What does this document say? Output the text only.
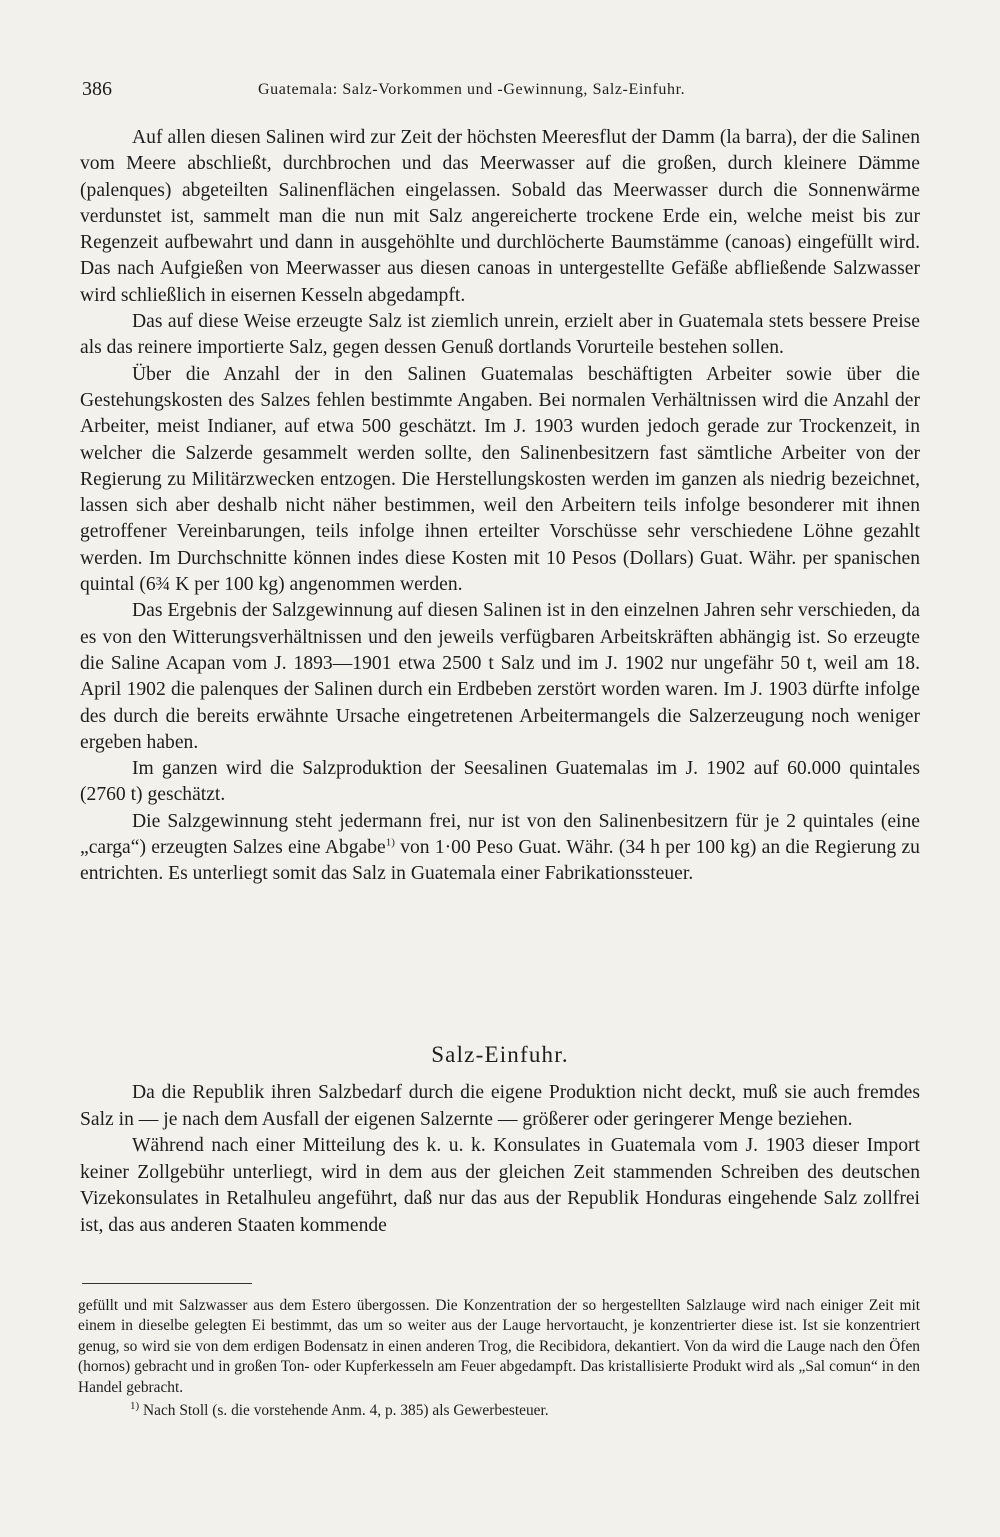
386	Guatemala: Salz-Vorkommen und -Gewinnung, Salz-Einfuhr.

Auf allen diesen Salinen wird zur Zeit der höchsten Meeresflut der Damm (la barra), der die Salinen vom Meere abschließt, durchbrochen und das Meerwasser auf die großen, durch kleinere Dämme (palenques) abgeteilten Salinenflächen eingelassen. Sobald das Meerwasser durch die Sonnenwärme verdunstet ist, sammelt man die nun mit Salz angereicherte trockene Erde ein, welche meist bis zur Regenzeit aufbewahrt und dann in ausgehöhlte und durchlöcherte Baumstämme (canoas) eingefüllt wird. Das nach Aufgießen von Meerwasser aus diesen canoas in untergestellte Gefäße abfließende Salzwasser wird schließlich in eisernen Kesseln abgedampft.

Das auf diese Weise erzeugte Salz ist ziemlich unrein, erzielt aber in Guatemala stets bessere Preise als das reinere importierte Salz, gegen dessen Genuß dortlands Vorurteile bestehen sollen.

Über die Anzahl der in den Salinen Guatemalas beschäftigten Arbeiter sowie über die Gestehungskosten des Salzes fehlen bestimmte Angaben. Bei normalen Verhältnissen wird die Anzahl der Arbeiter, meist Indianer, auf etwa 500 geschätzt. Im J. 1903 wurden jedoch gerade zur Trockenzeit, in welcher die Salzerde gesammelt werden sollte, den Salinenbesitzern fast sämtliche Arbeiter von der Regierung zu Militärzwecken entzogen. Die Herstellungskosten werden im ganzen als niedrig bezeichnet, lassen sich aber deshalb nicht näher bestimmen, weil den Arbeitern teils infolge besonderer mit ihnen getroffener Vereinbarungen, teils infolge ihnen erteilter Vorschüsse sehr verschiedene Löhne gezahlt werden. Im Durchschnitte können indes diese Kosten mit 10 Pesos (Dollars) Guat. Währ. per spanischen quintal (6¾ K per 100 kg) angenommen werden.

Das Ergebnis der Salzgewinnung auf diesen Salinen ist in den einzelnen Jahren sehr verschieden, da es von den Witterungsverhältnissen und den jeweils verfügbaren Arbeitskräften abhängig ist. So erzeugte die Saline Acapan vom J. 1893—1901 etwa 2500 t Salz und im J. 1902 nur ungefähr 50 t, weil am 18. April 1902 die palenques der Salinen durch ein Erdbeben zerstört worden waren. Im J. 1903 dürfte infolge des durch die bereits erwähnte Ursache eingetretenen Arbeitermangels die Salzerzeugung noch weniger ergeben haben.

Im ganzen wird die Salzproduktion der Seesalinen Guatemalas im J. 1902 auf 60.000 quintales (2760 t) geschätzt.

Die Salzgewinnung steht jedermann frei, nur ist von den Salinenbesitzern für je 2 quintales (eine „carga“) erzeugten Salzes eine Abgabe$^{1)}$ von 1·00 Peso Guat. Währ. (34 h per 100 kg) an die Regierung zu entrichten. Es unterliegt somit das Salz in Guatemala einer Fabrikationssteuer.

Salz-Einfuhr.

Da die Republik ihren Salzbedarf durch die eigene Produktion nicht deckt, muß sie auch fremdes Salz in — je nach dem Ausfall der eigenen Salzernte — größerer oder geringerer Menge beziehen.

Während nach einer Mitteilung des k. u. k. Konsulates in Guatemala vom J. 1903 dieser Import keiner Zollgebühr unterliegt, wird in dem aus der gleichen Zeit stammenden Schreiben des deutschen Vizekonsulates in Retalhuleu angeführt, daß nur das aus der Republik Honduras eingehende Salz zollfrei ist, das aus anderen Staaten kommende

gefüllt und mit Salzwasser aus dem Estero übergossen. Die Konzentration der so hergestellten Salzlauge wird nach einiger Zeit mit einem in dieselbe gelegten Ei bestimmt, das um so weiter aus der Lauge hervortaucht, je konzentrierter diese ist. Ist sie konzentriert genug, so wird sie von dem erdigen Bodensatz in einen anderen Trog, die Recibidora, dekantiert. Von da wird die Lauge nach den Öfen (hornos) gebracht und in großen Ton- oder Kupferkesseln am Feuer abgedampft. Das kristallisierte Produkt wird als „Sal comun“ in den Handel gebracht.

$^{1)}$ Nach Stoll (s. die vorstehende Anm. 4, p. 385) als Gewerbesteuer.
